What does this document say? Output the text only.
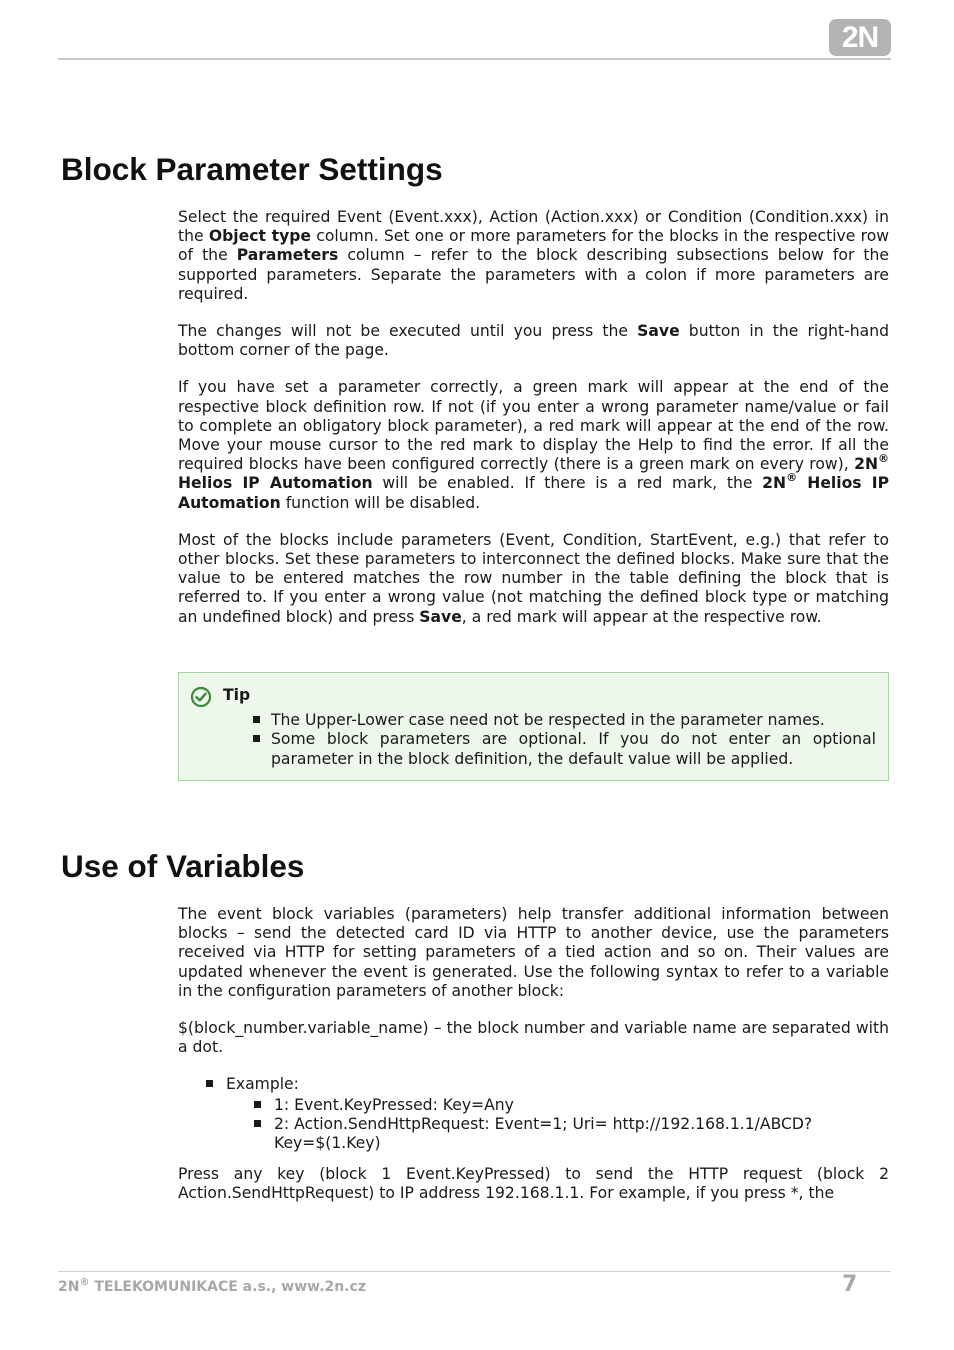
2N
Block Parameter Settings

Select the required Event (Event.xxx), Action (Action.xxx) or Condition (Condition.xxx) in the Object type column. Set one or more parameters for the blocks in the respective row of the Parameters column – refer to the block describing subsections below for the supported parameters. Separate the parameters with a colon if more parameters are required.

The changes will not be executed until you press the Save button in the right-hand bottom corner of the page.

If you have set a parameter correctly, a green mark will appear at the end of the respective block definition row. If not (if you enter a wrong parameter name/value or fail to complete an obligatory block parameter), a red mark will appear at the end of the row. Move your mouse cursor to the red mark to display the Help to find the error. If all the required blocks have been configured correctly (there is a green mark on every row), 2N® Helios IP Automation will be enabled. If there is a red mark, the 2N® Helios IP Automation function will be disabled.

Most of the blocks include parameters (Event, Condition, StartEvent, e.g.) that refer to other blocks. Set these parameters to interconnect the defined blocks. Make sure that the value to be entered matches the row number in the table defining the block that is referred to. If you enter a wrong value (not matching the defined block type or matching an undefined block) and press Save, a red mark will appear at the respective row.

Tip
The Upper-Lower case need not be respected in the parameter names.
Some block parameters are optional. If you do not enter an optional parameter in the block definition, the default value will be applied.
Use of Variables

The event block variables (parameters) help transfer additional information between blocks – send the detected card ID via HTTP to another device, use the parameters received via HTTP for setting parameters of a tied action and so on. Their values are updated whenever the event is generated. Use the following syntax to refer to a variable in the configuration parameters of another block:

$(block_number.variable_name) – the block number and variable name are separated with a dot.

Example:
1: Event.KeyPressed: Key=Any
2: Action.SendHttpRequest: Event=1; Uri= http://192.168.1.1/ABCD?Key=$(1.Key)

Press any key (block 1 Event.KeyPressed) to send the HTTP request (block 2 Action.SendHttpRequest) to IP address 192.168.1.1. For example, if you press *, the

2N® TELEKOMUNIKACE a.s., www.2n.cz	7
